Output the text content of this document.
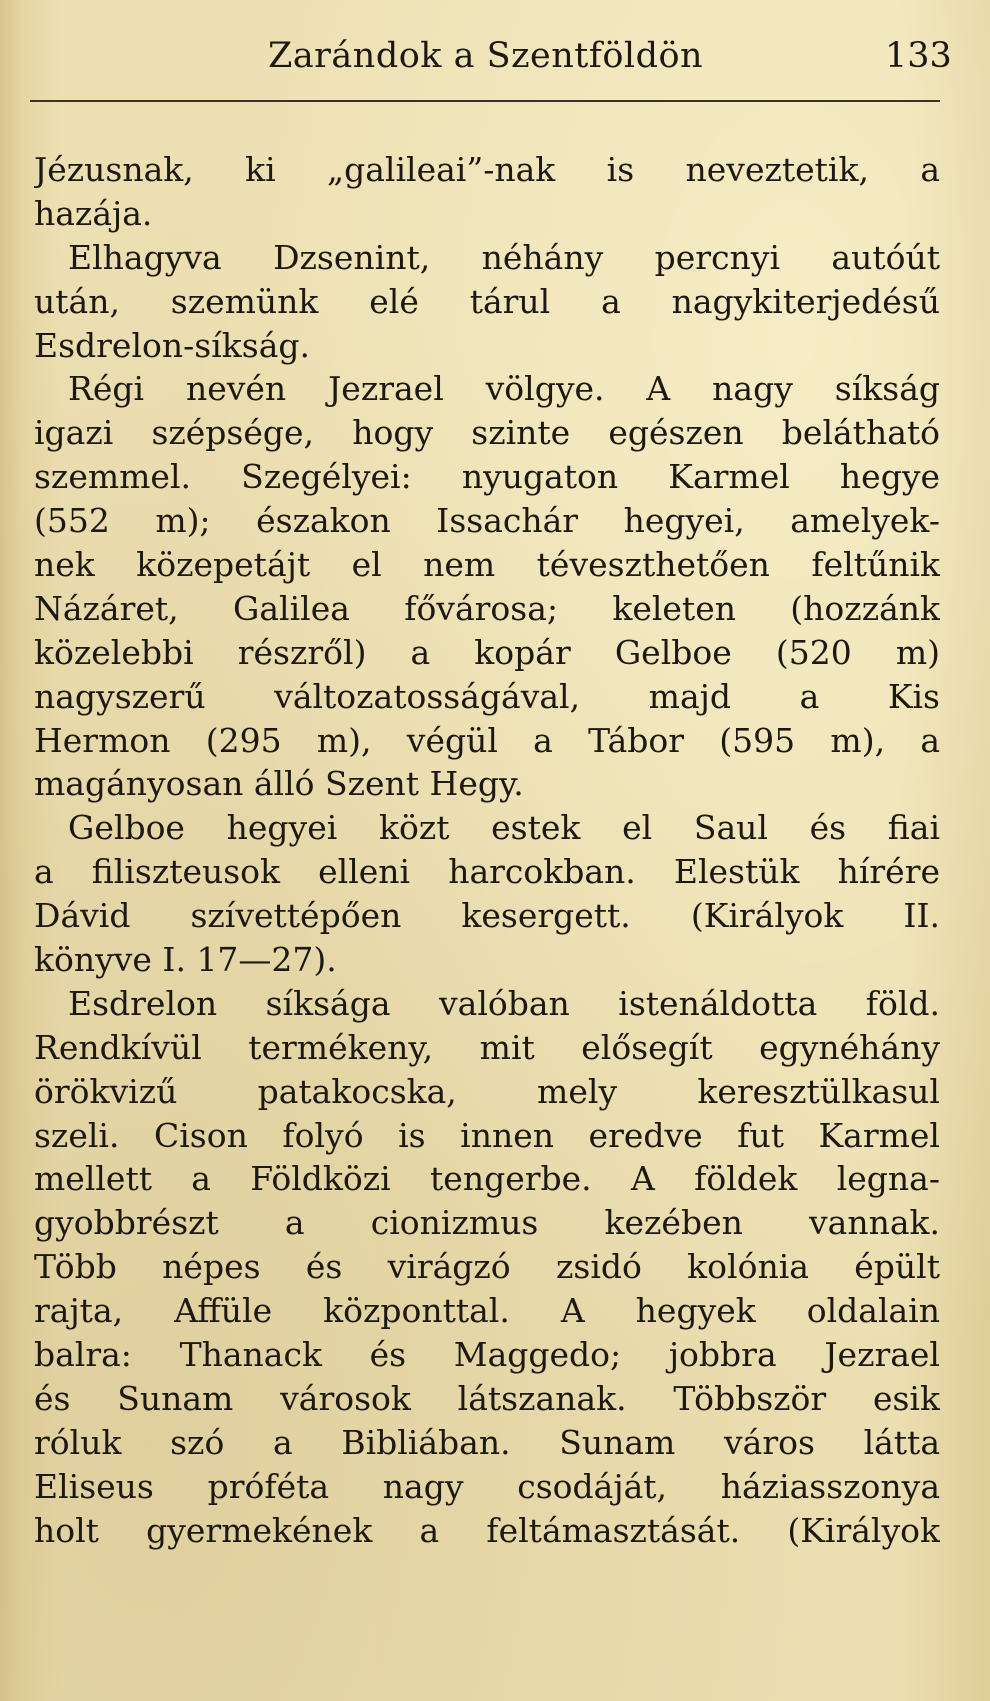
Zarándok a Szentföldön	133
Jézusnak, ki „galileai”-nak is neveztetik, a
hazája.
Elhagyva Dzsenint, néhány percnyi autóút
után, szemünk elé tárul a nagykiterjedésű
Esdrelon-síkság.
Régi nevén Jezrael völgye. A nagy síkság
igazi szépsége, hogy szinte egészen belátható
szemmel. Szegélyei: nyugaton Karmel hegye
(552 m); északon Issachár hegyei, amelyek-
nek közepetájt el nem téveszthetően feltűnik
Názáret, Galilea fővárosa; keleten (hozzánk
közelebbi részről) a kopár Gelboe (520 m)
nagyszerű változatosságával, majd a Kis
Hermon (295 m), végül a Tábor (595 m), a
magányosan álló Szent Hegy.
Gelboe hegyei közt estek el Saul és fiai
a filiszteusok elleni harcokban. Elestük hírére
Dávid szívettépően kesergett. (Királyok II.
könyve I. 17—27).
Esdrelon síksága valóban istenáldotta föld.
Rendkívül termékeny, mit elősegít egynéhány
örökvizű patakocska, mely keresztülkasul
szeli. Cison folyó is innen eredve fut Karmel
mellett a Földközi tengerbe. A földek legna-
gyobbrészt a cionizmus kezében vannak.
Több népes és virágzó zsidó kolónia épült
rajta, Affüle központtal. A hegyek oldalain
balra: Thanack és Maggedo; jobbra Jezrael
és Sunam városok látszanak. Többször esik
róluk szó a Bibliában. Sunam város látta
Eliseus próféta nagy csodáját, háziasszonya
holt gyermekének a feltámasztását. (Királyok
